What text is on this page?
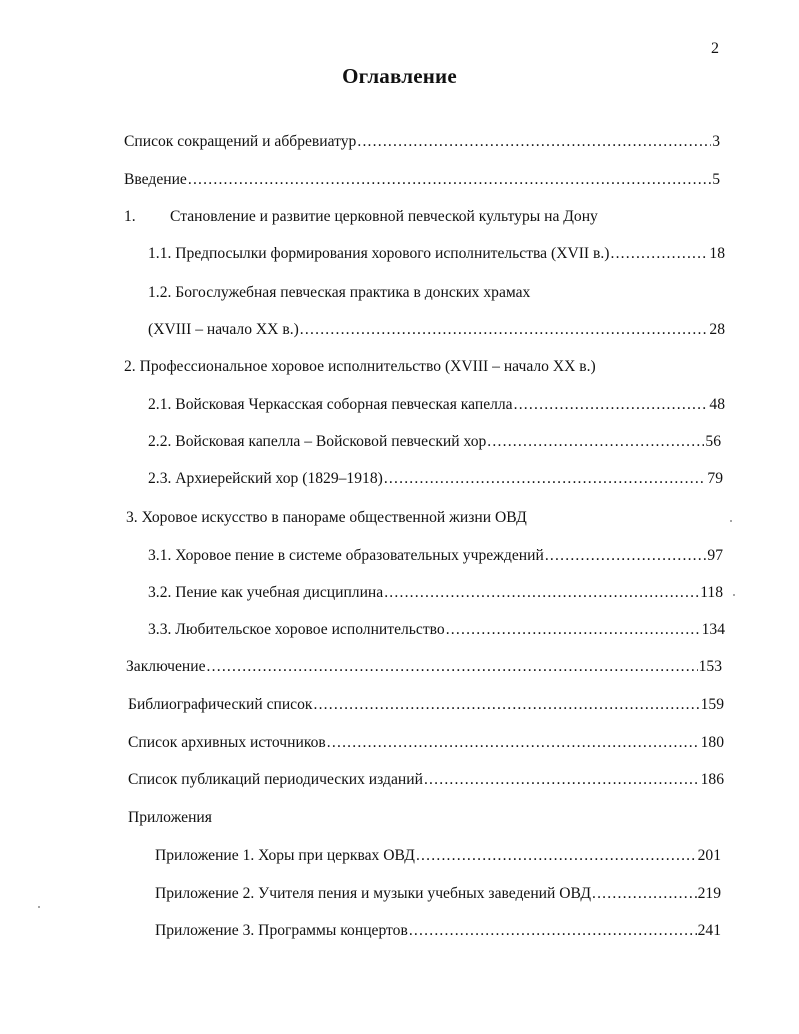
2
Оглавление
Список сокращений и аббревиатур .....	3
Введение .....	5
1.	Становление и развитие церковной певческой культуры на Дону
1.1. Предпосылки формирования хорового исполнительства (XVII в.) .....	18
1.2. Богослужебная певческая практика в донских храмах
(XVIII – начало XX в.) .....	28
2. Профессиональное хоровое исполнительство (XVIII – начало XX в.)
2.1. Войсковая Черкасская соборная певческая капелла .....	48
2.2. Войсковая капелла – Войсковой певческий хор .....	56
2.3. Архиерейский хор (1829–1918) .....	79
3. Хоровое искусство в панораме общественной жизни ОВД
3.1. Хоровое пение в системе образовательных учреждений .....	97
3.2. Пение как учебная дисциплина .....	118
3.3. Любительское хоровое исполнительство .....	134
Заключение .....	153
Библиографический список .....	159
Список архивных источников .....	180
Список публикаций периодических изданий .....	186
Приложения
Приложение 1. Хоры при церквах ОВД .....	201
Приложение 2. Учителя пения и музыки учебных заведений ОВД .....	219
Приложение 3. Программы концертов .....	241
